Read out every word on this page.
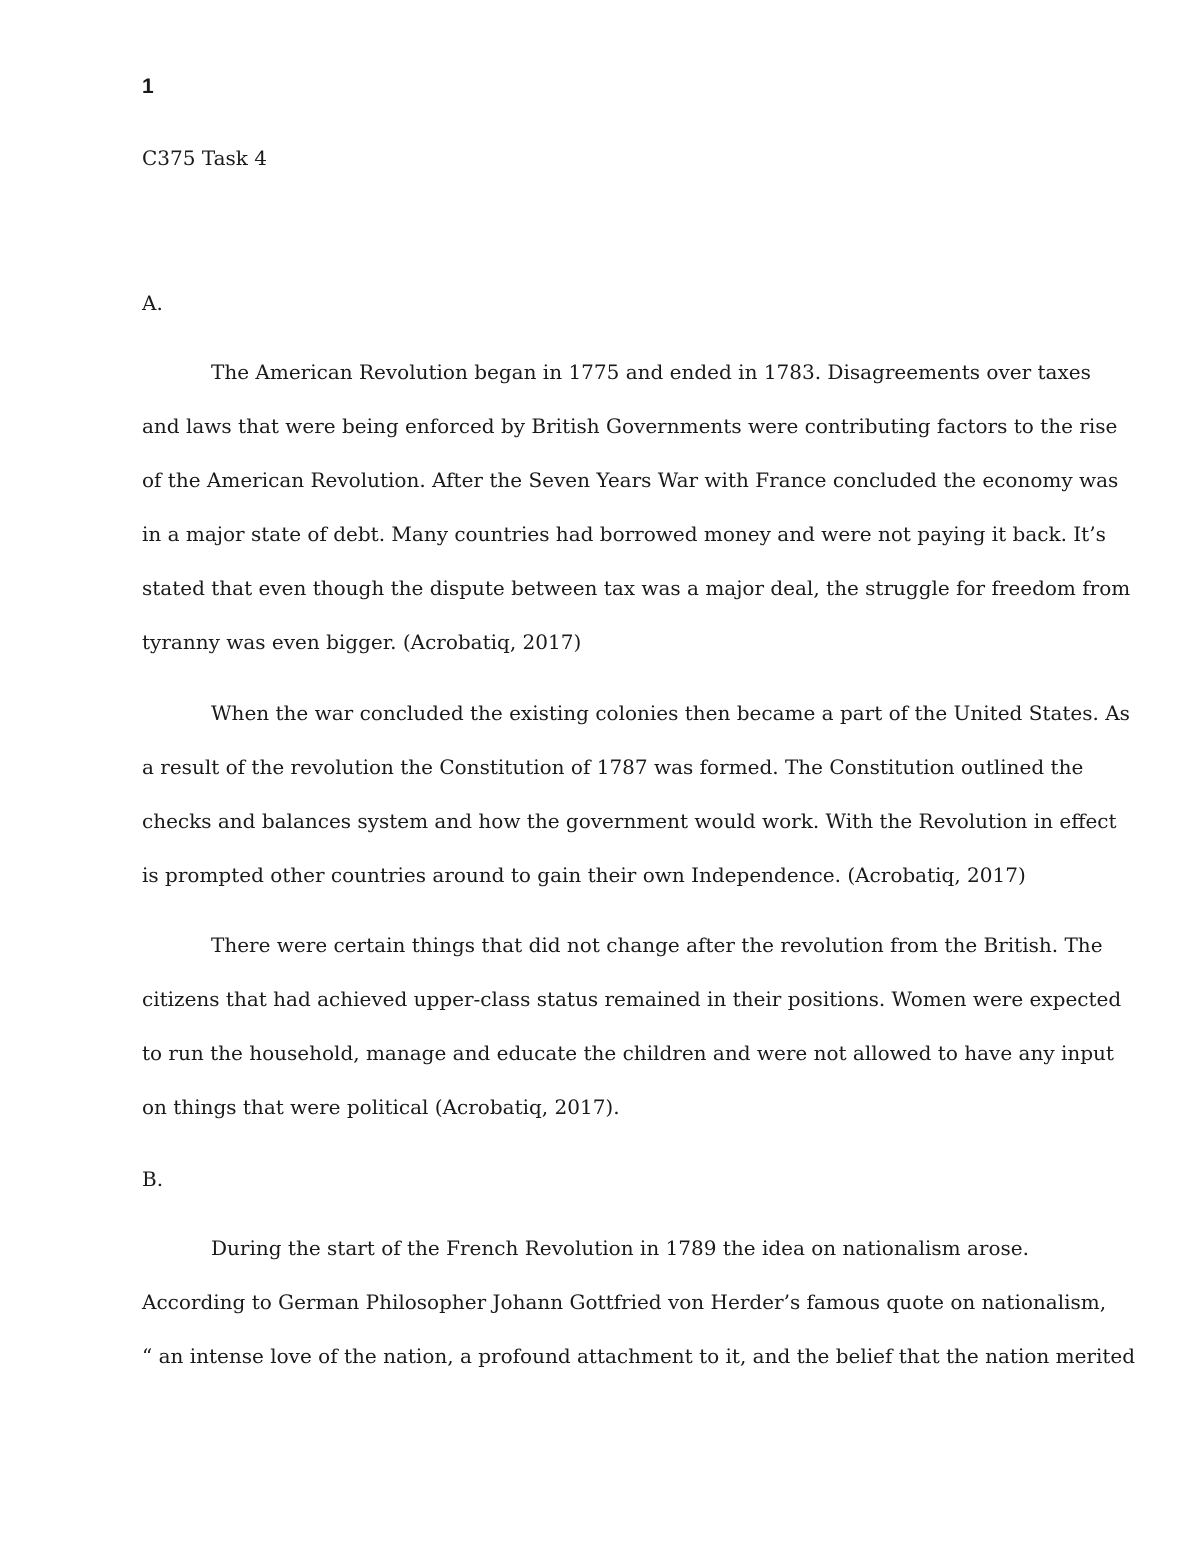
1
C375 Task 4
A.
The American Revolution began in 1775 and ended in 1783. Disagreements over taxes
and laws that were being enforced by British Governments were contributing factors to the rise
of the American Revolution. After the Seven Years War with France concluded the economy was
in a major state of debt. Many countries had borrowed money and were not paying it back. It’s
stated that even though the dispute between tax was a major deal, the struggle for freedom from
tyranny was even bigger. (Acrobatiq, 2017)
When the war concluded the existing colonies then became a part of the United States. As
a result of the revolution the Constitution of 1787 was formed. The Constitution outlined the
checks and balances system and how the government would work. With the Revolution in effect
is prompted other countries around to gain their own Independence. (Acrobatiq, 2017)
There were certain things that did not change after the revolution from the British. The
citizens that had achieved upper-class status remained in their positions. Women were expected
to run the household, manage and educate the children and were not allowed to have any input
on things that were political (Acrobatiq, 2017).
B.
During the start of the French Revolution in 1789 the idea on nationalism arose.
According to German Philosopher Johann Gottfried von Herder’s famous quote on nationalism,
“ an intense love of the nation, a profound attachment to it, and the belief that the nation merited
